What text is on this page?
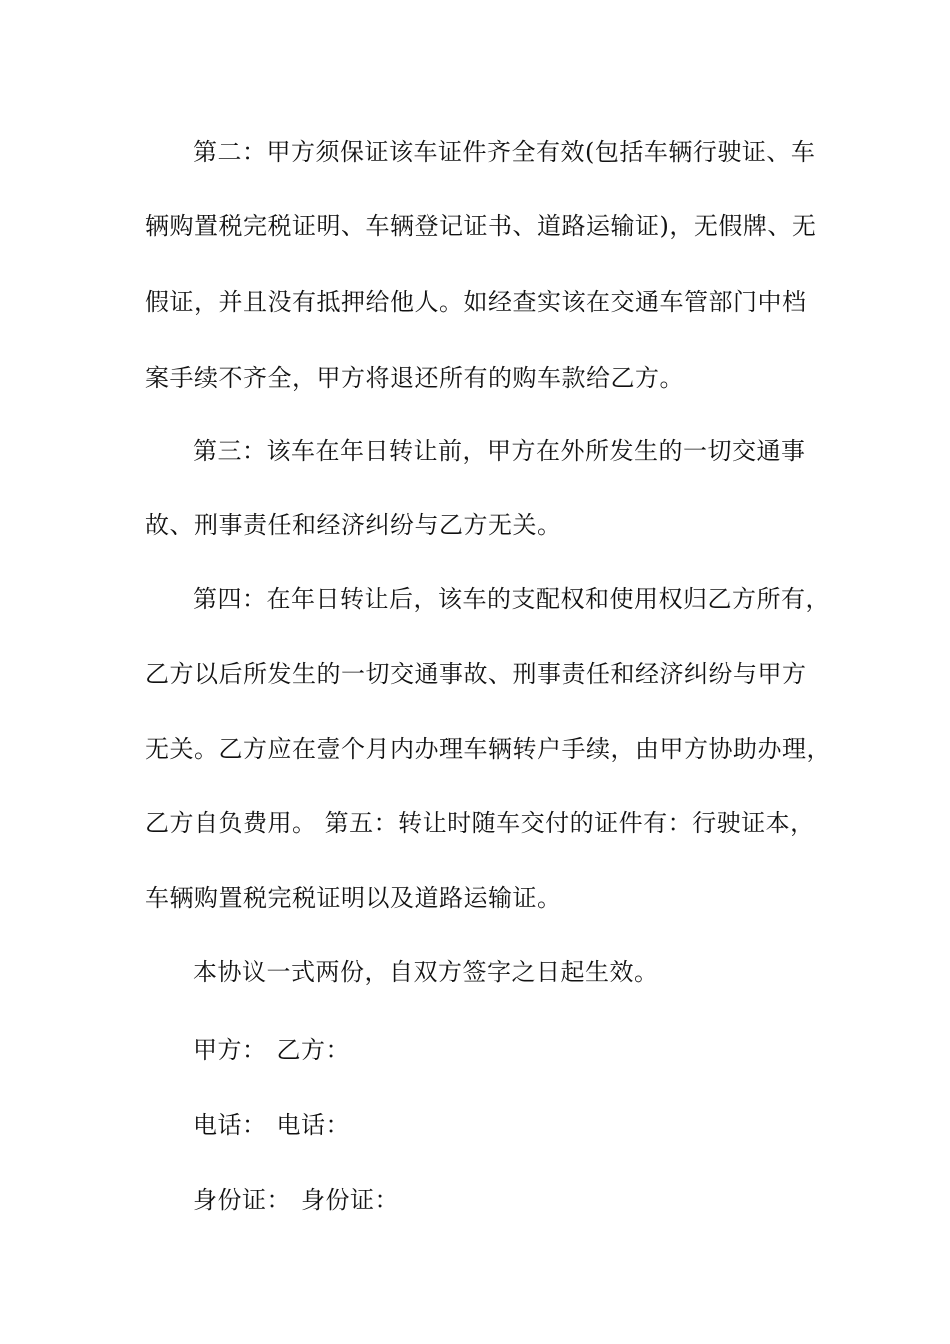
第二：甲方须保证该车证件齐全有效(包括车辆行驶证、车
辆购置税完税证明、车辆登记证书、道路运输证)，无假牌、无
假证，并且没有抵押给他人。如经查实该在交通车管部门中档
案手续不齐全，甲方将退还所有的购车款给乙方。
第三：该车在年日转让前，甲方在外所发生的一切交通事
故、刑事责任和经济纠纷与乙方无关。
第四：在年日转让后，该车的支配权和使用权归乙方所有，
乙方以后所发生的一切交通事故、刑事责任和经济纠纷与甲方
无关。乙方应在壹个月内办理车辆转户手续，由甲方协助办理，
乙方自负费用。 第五：转让时随车交付的证件有：行驶证本，
车辆购置税完税证明以及道路运输证。
本协议一式两份，自双方签字之日起生效。
甲方： 乙方：
电话： 电话：
身份证： 身份证：
